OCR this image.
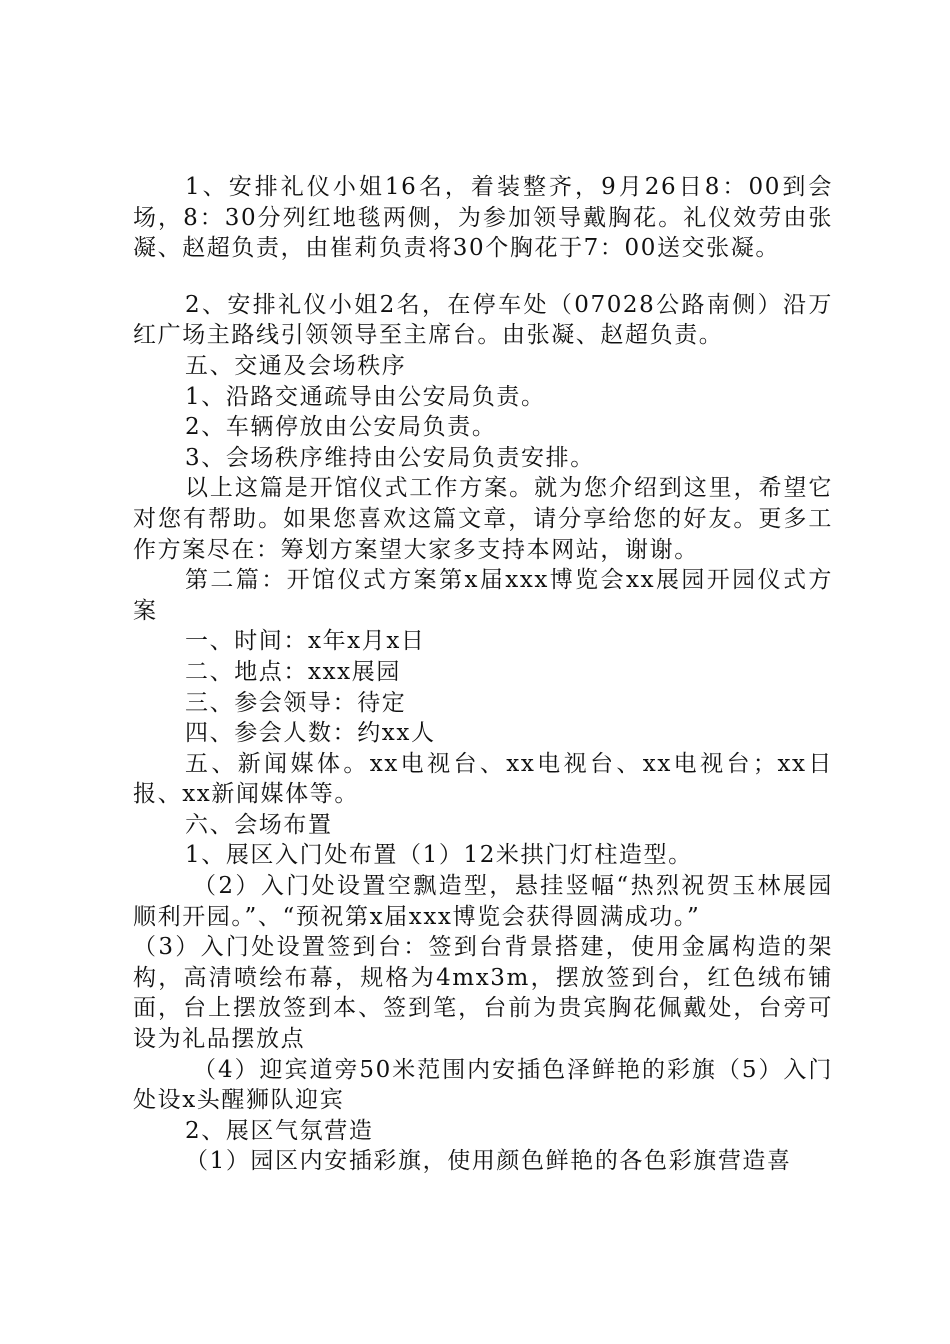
1、安排礼仪小姐16名，着装整齐，9月26日8：00到会场，8：30分列红地毯两侧，为参加领导戴胸花。礼仪效劳由张凝、赵超负责，由崔莉负责将30个胸花于7：00送交张凝。

2、安排礼仪小姐2名，在停车处（07028公路南侧）沿万红广场主路线引领领导至主席台。由张凝、赵超负责。

五、交通及会场秩序

1、沿路交通疏导由公安局负责。

2、车辆停放由公安局负责。

3、会场秩序维持由公安局负责安排。

以上这篇是开馆仪式工作方案。就为您介绍到这里，希望它对您有帮助。如果您喜欢这篇文章，请分享给您的好友。更多工作方案尽在：筹划方案望大家多支持本网站，谢谢。

第二篇：开馆仪式方案第x届xxx博览会xx展园开园仪式方案

一、时间：x年x月x日

二、地点：xxx展园

三、参会领导：待定

四、参会人数：约xx人

五、新闻媒体。xx电视台、xx电视台、xx电视台；xx日报、xx新闻媒体等。

六、会场布置

1、展区入门处布置（1）12米拱门灯柱造型。

（2）入门处设置空飘造型，悬挂竖幅“热烈祝贺玉林展园顺利开园。”、“预祝第x届xxx博览会获得圆满成功。”

（3）入门处设置签到台：签到台背景搭建，使用金属构造的架构，高清喷绘布幕，规格为4mx3m，摆放签到台，红色绒布铺面，台上摆放签到本、签到笔，台前为贵宾胸花佩戴处，台旁可设为礼品摆放点

（4）迎宾道旁50米范围内安插色泽鲜艳的彩旗（5）入门处设x头醒狮队迎宾

2、展区气氛营造

（1）园区内安插彩旗，使用颜色鲜艳的各色彩旗营造喜
